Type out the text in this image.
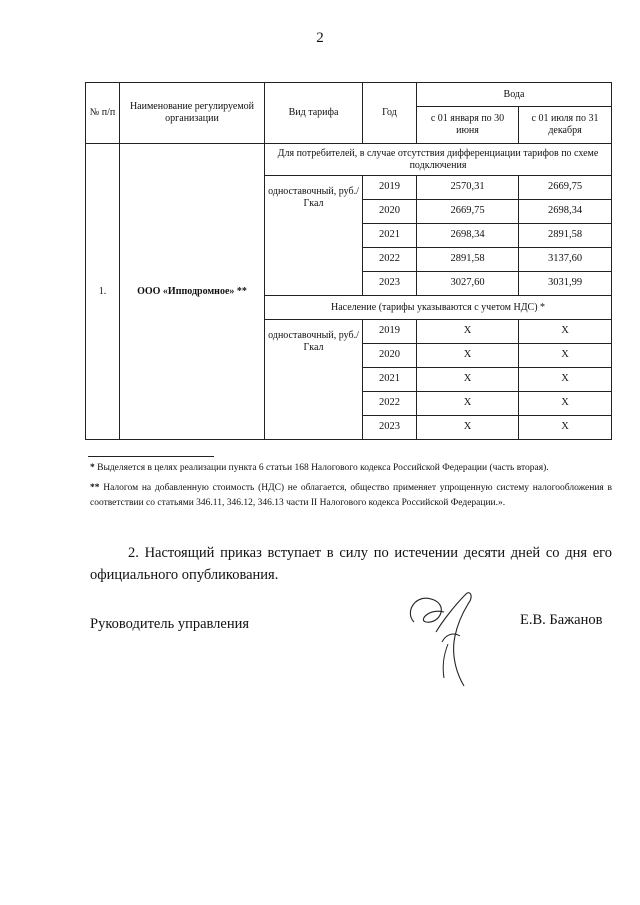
2
№ п/п	Наименование регулируемой организации	Вид тарифа	Год	Вода	
				с 01 января по 30 июня	с 01 июля по 31 декабря
1.	ООО «Ипподромное» **	Для потребителей, в случае отсутствия дифференциации тарифов по схеме подключения			
		одноставочный, руб./Гкал	2019	2570,31	2669,75
			2020	2669,75	2698,34
			2021	2698,34	2891,58
			2022	2891,58	3137,60
			2023	3027,60	3031,99
		Население (тарифы указываются с учетом НДС) *			
		одноставочный, руб./Гкал	2019	X	X
			2020	X	X
			2021	X	X
			2022	X	X
			2023	X	X

* Выделяется в целях реализации пункта 6 статьи 168 Налогового кодекса Российской Федерации (часть вторая).

** Налогом на добавленную стоимость (НДС) не облагается, общество применяет упрощенную систему налогообложения в соответствии со статьями 346.11, 346.12, 346.13 части II Налогового кодекса Российской Федерации.».

2. Настоящий приказ вступает в силу по истечении десяти дней со дня его официального опубликования.
Руководитель управления	Е.В. Бажанов
